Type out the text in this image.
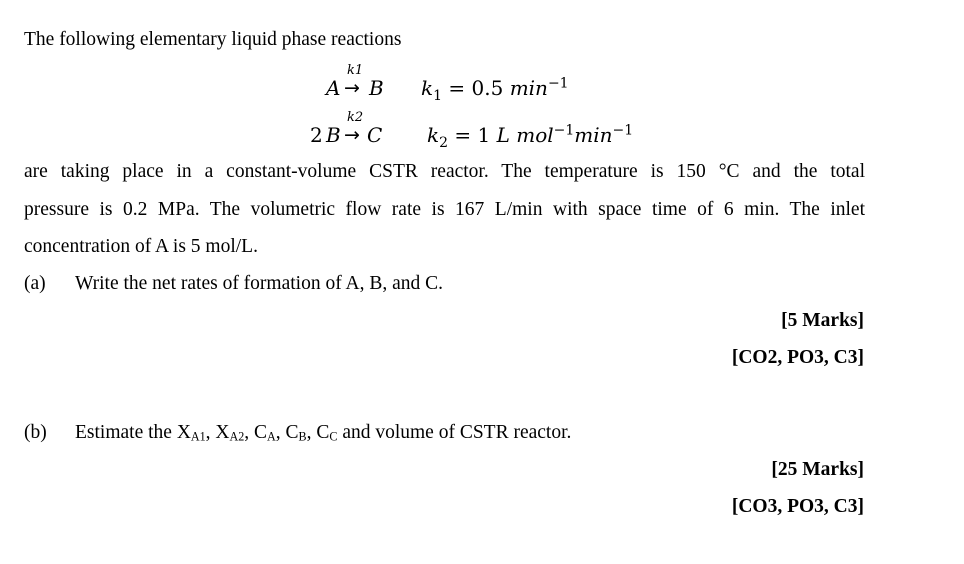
The following elementary liquid phase reactions
A
k1
→ B $k_1 = 0.5$ $\min^{-1}$
2 B
k2
→ C $k_2 = 1$ L $mol^{-1}\min^{-1}$
are taking place in a constant-volume CSTR reactor. The temperature is 150 °C and the total
pressure is 0.2 MPa. The volumetric flow rate is 167 L/min with space time of 6 min. The inlet
concentration of A is 5 mol/L.
(a) Write the net rates of formation of A, B, and C.
[5 Marks]
[CO2, PO3, C3]
(b) Estimate the XA1, XA2, CA, CB, CC and volume of CSTR reactor.
[25 Marks]
[CO3, PO3, C3]
